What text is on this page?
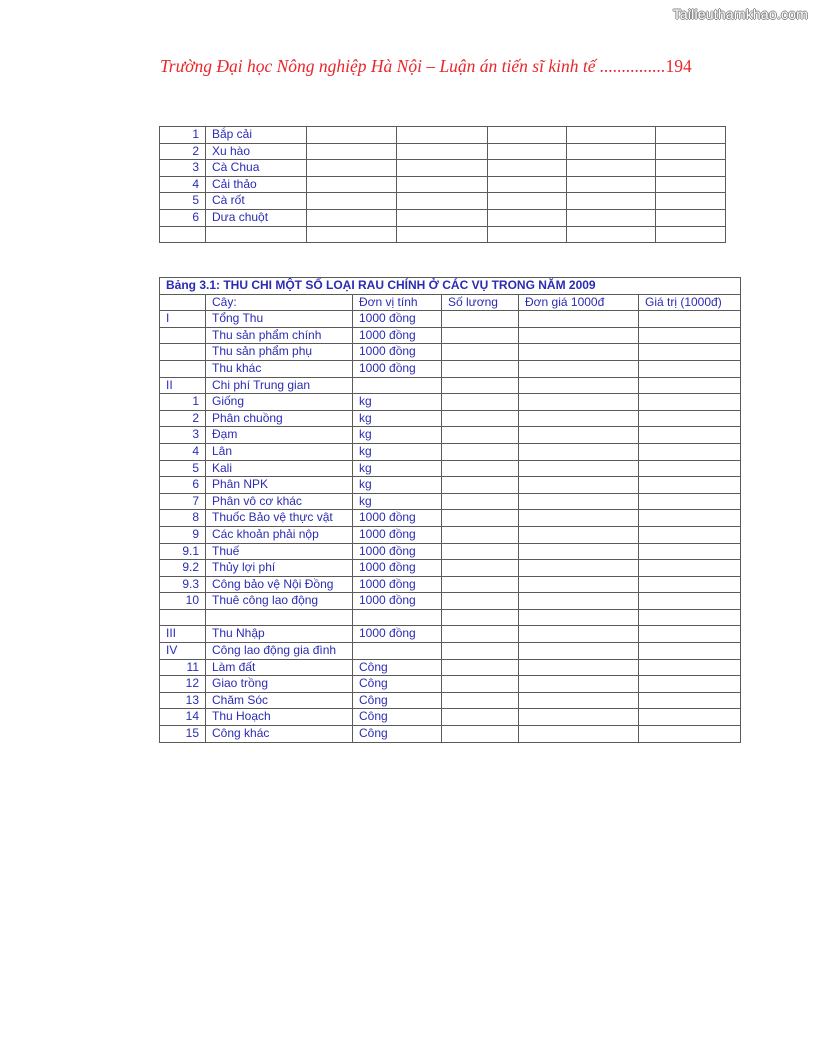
Tailieuthamkhao.com
Trường Đại học Nông nghiệp Hà Nội – Luận án tiến sĩ kinh tế ...............194
1	Bắp cải					
2	Xu hào					
3	Cà Chua					
4	Cải thảo					
5	Cà rốt					
6	Dưa chuột					

Bảng 3.1: THU CHI MỘT SỐ LOẠI RAU CHÍNH Ở CÁC VỤ TRONG NĂM 2009					
	Cây:	Đơn vị tính	Số lương	Đơn giá 1000đ	Giá trị (1000đ)
I	Tổng Thu	1000 đồng			
	Thu sản phẩm chính	1000 đồng			
	Thu sản phẩm phụ	1000 đồng			
	Thu khác	1000 đồng			
II	Chi phí Trung gian				
1	Giống	kg			
2	Phân chuồng	kg			
3	Đạm	kg			
4	Lân	kg			
5	Kali	kg			
6	Phân NPK	kg			
7	Phân vô cơ khác	kg			
8	Thuốc Bảo vệ thực vật	1000 đồng			
9	Các khoản phải nộp	1000 đồng			
9.1	Thuế	1000 đồng			
9.2	Thủy lợi phí	1000 đồng			
9.3	Công bảo vệ Nội Đồng	1000 đồng			
10	Thuê công lao động	1000 đồng			

III	Thu Nhập	1000 đồng			
IV	Công lao động gia đình				
11	Làm đất	Công			
12	Giao trồng	Công			
13	Chăm Sóc	Công			
14	Thu Hoạch	Công			
15	Công khác	Công			
